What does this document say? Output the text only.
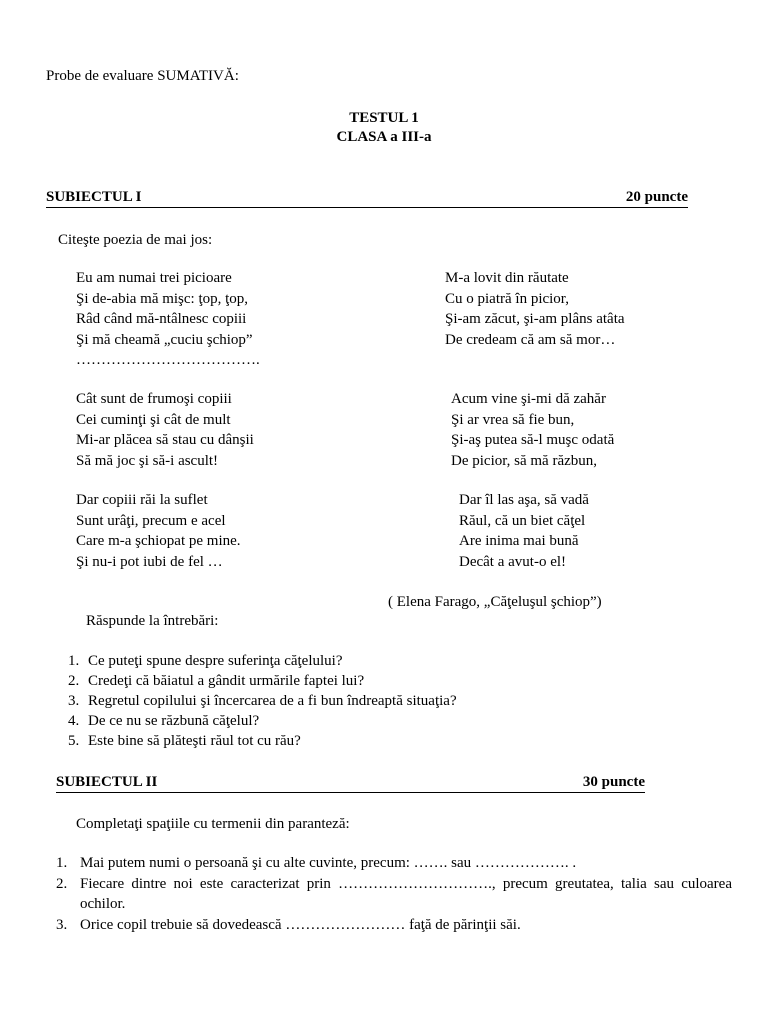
Probe de evaluare SUMATIVĂ:
TESTUL 1
CLASA a III-a
SUBIECTUL I	20 puncte
Citeşte poezia de mai jos:
Eu am numai trei picioare
Şi de-abia mă mişc: ţop, ţop,
Râd când mă-ntâlnesc copiii
Şi mă cheamă „cuciu şchiop”
……………………………….
Cât sunt de frumoşi copiii
Cei cuminţi şi cât de mult
Mi-ar plăcea să stau cu dânşii
Să mă joc şi să-i ascult!
Dar copiii răi la suflet
Sunt urâţi, precum e acel
Care m-a şchiopat pe mine.
Şi nu-i pot iubi de fel …
M-a lovit din răutate
Cu o piatră în picior,
Şi-am zăcut, şi-am plâns atâta
De credeam că am să mor…
Acum vine şi-mi dă zahăr
Şi ar vrea să fie bun,
Şi-aş putea să-l muşc odată
De picior, să mă răzbun,
Dar îl las aşa, să vadă
Răul, că un biet căţel
Are inima mai bună
Decât a avut-o el!
( Elena Farago, „Căţeluşul şchiop”)
Răspunde la întrebări:
1. Ce puteţi spune despre suferinţa căţelului?
2. Credeţi că băiatul a gândit urmările faptei lui?
3. Regretul copilului şi încercarea de a fi bun îndreaptă situaţia?
4. De ce nu se răzbună căţelul?
5. Este bine să plăteşti răul tot cu rău?
SUBIECTUL II	30 puncte
Completaţi spaţiile cu termenii din paranteză:
1. Mai putem numi o persoană şi cu alte cuvinte, precum: ……. sau ………………. .
2. Fiecare dintre noi este caracterizat prin …………………………., precum greutatea, talia sau culoarea ochilor.
3. Orice copil trebuie să dovedească …………………… faţă de părinţii săi.
